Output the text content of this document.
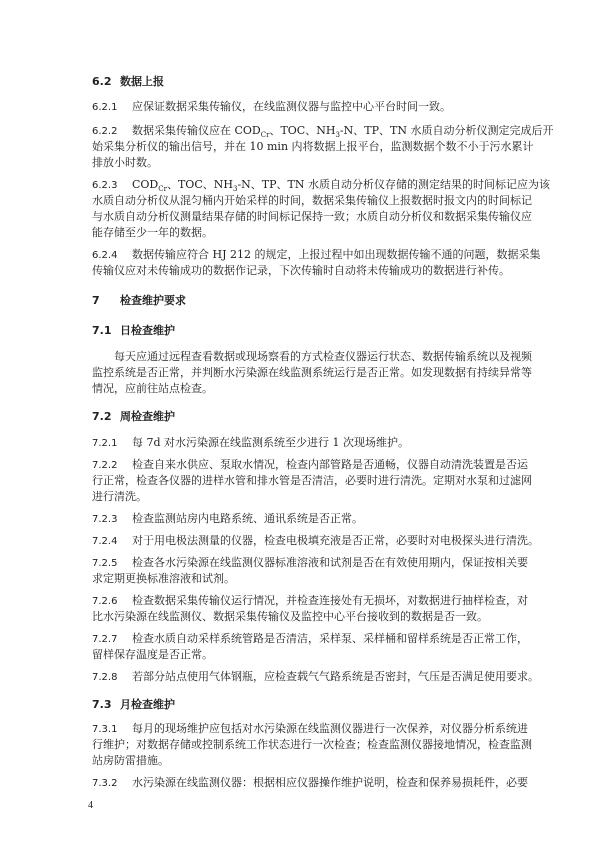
6.2 数据上报
6.2.1 应保证数据采集传输仪，在线监测仪器与监控中心平台时间一致。
6.2.2 数据采集传输仪应在 $COD_{Cr}$、TOC、$NH_3-N$、TP、TN 水质自动分析仪测定完成后开
始采集分析仪的输出信号，并在 10 min 内将数据上报平台，监测数据个数不小于污水累计
排放小时数。
6.2.3 $COD_{Cr}$、TOC、$NH_3-N$、TP、TN 水质自动分析仪存储的测定结果的时间标记应为该
水质自动分析仪从混匀桶内开始采样的时间，数据采集传输仪上报数据时报文内的时间标记
与水质自动分析仪测量结果存储的时间标记保持一致；水质自动分析仪和数据采集传输仪应
能存储至少一年的数据。
6.2.4 数据传输应符合 HJ 212 的规定，上报过程中如出现数据传输不通的问题，数据采集
传输仪应对未传输成功的数据作记录，下次传输时自动将未传输成功的数据进行补传。
7 检查维护要求
7.1 日检查维护
每天应通过远程查看数据或现场察看的方式检查仪器运行状态、数据传输系统以及视频
监控系统是否正常，并判断水污染源在线监测系统运行是否正常。如发现数据有持续异常等
情况，应前往站点检查。
7.2 周检查维护
7.2.1 每 7d 对水污染源在线监测系统至少进行 1 次现场维护。
7.2.2 检查自来水供应、泵取水情况，检查内部管路是否通畅，仪器自动清洗装置是否运
行正常，检查各仪器的进样水管和排水管是否清洁，必要时进行清洗。定期对水泵和过滤网
进行清洗。
7.2.3 检查监测站房内电路系统、通讯系统是否正常。
7.2.4 对于用电极法测量的仪器，检查电极填充液是否正常，必要时对电极探头进行清洗。
7.2.5 检查各水污染源在线监测仪器标准溶液和试剂是否在有效使用期内，保证按相关要
求定期更换标准溶液和试剂。
7.2.6 检查数据采集传输仪运行情况，并检查连接处有无损坏，对数据进行抽样检查，对
比水污染源在线监测仪、数据采集传输仪及监控中心平台接收到的数据是否一致。
7.2.7 检查水质自动采样系统管路是否清洁，采样泵、采样桶和留样系统是否正常工作，
留样保存温度是否正常。
7.2.8 若部分站点使用气体钢瓶，应检查载气气路系统是否密封，气压是否满足使用要求。
7.3 月检查维护
7.3.1 每月的现场维护应包括对水污染源在线监测仪器进行一次保养，对仪器分析系统进
行维护；对数据存储或控制系统工作状态进行一次检查；检查监测仪器接地情况，检查监测
站房防雷措施。
7.3.2 水污染源在线监测仪器：根据相应仪器操作维护说明，检查和保养易损耗件，必要
4
